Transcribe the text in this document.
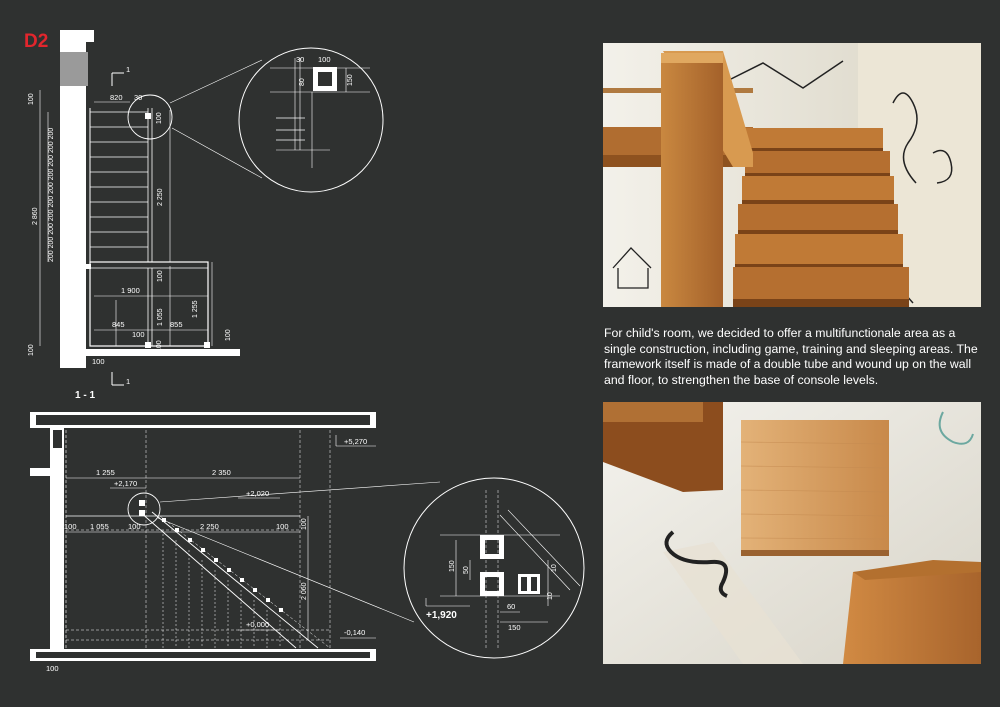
D2
2 860 200 200 200 200 200 200 200 200 200 200
100
100
820 30
100
2 250
100
1 900
1 055	1 255
845	855
100
100
100
100
1
1
1 - 1
30 100
80	150
+5,270
1 255	2 350
+2,170
+2,020
100 1 055	100	2 250	100 100
2 060
+0,000
-0,140
100
+1,920
150 50	10
10
60
150

For child's room, we decided to offer a multifunctionale area as a single construction, including game, training and sleeping areas. The framework itself is made of a double tube and wound up on the wall and floor, to strengthen the base of console levels.
